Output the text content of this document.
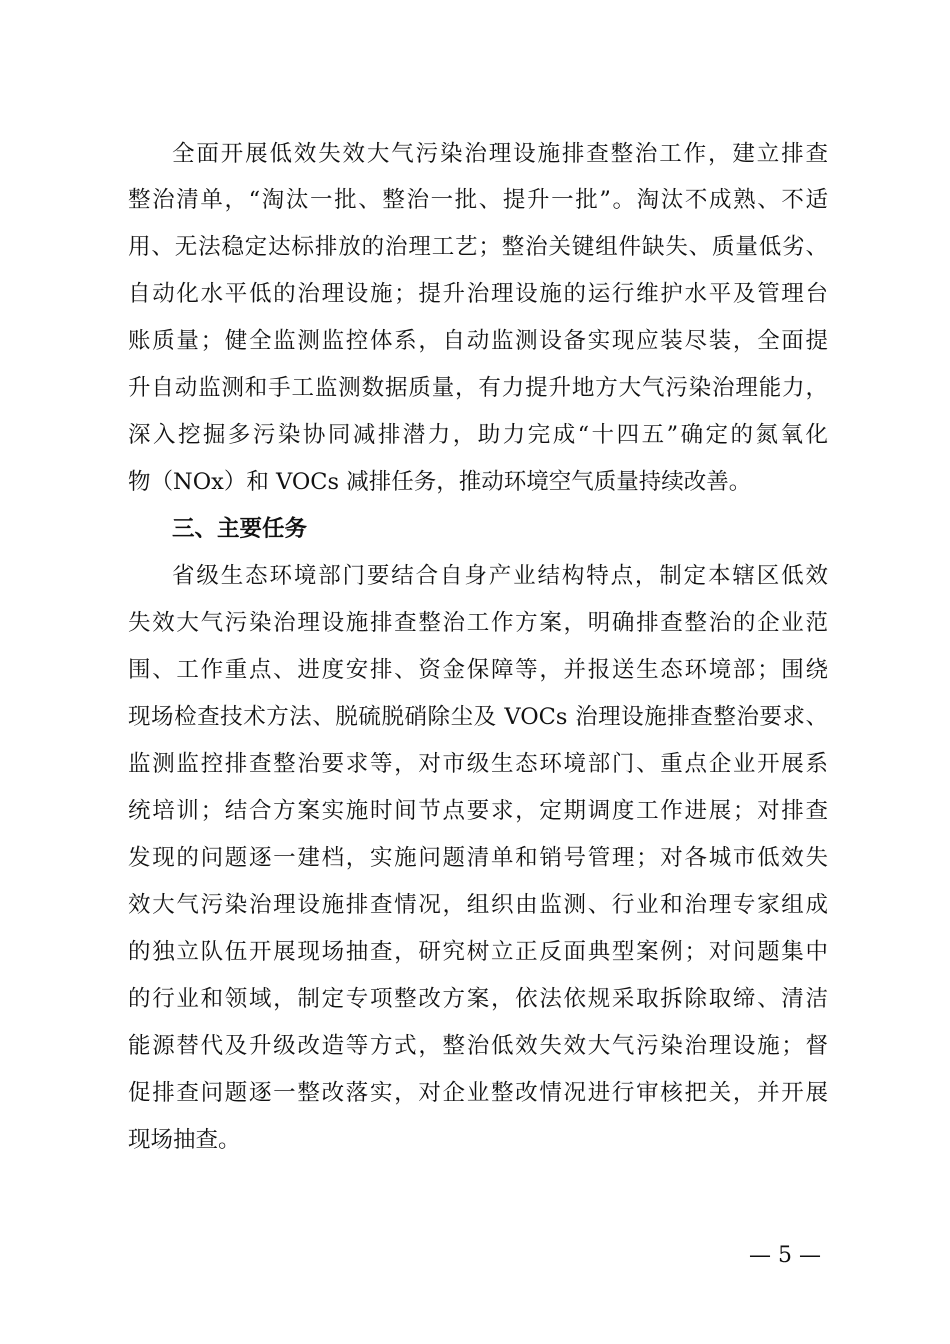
全面开展低效失效大气污染治理设施排查整治工作，建立排查
整治清单，“淘汰一批、整治一批、提升一批”。淘汰不成熟、不适
用、无法稳定达标排放的治理工艺；整治关键组件缺失、质量低劣、
自动化水平低的治理设施；提升治理设施的运行维护水平及管理台
账质量；健全监测监控体系，自动监测设备实现应装尽装，全面提
升自动监测和手工监测数据质量，有力提升地方大气污染治理能力，
深入挖掘多污染协同减排潜力，助力完成“十四五”确定的氮氧化
物（NOx）和 VOCs 减排任务，推动环境空气质量持续改善。
三、主要任务
省级生态环境部门要结合自身产业结构特点，制定本辖区低效
失效大气污染治理设施排查整治工作方案，明确排查整治的企业范
围、工作重点、进度安排、资金保障等，并报送生态环境部；围绕
现场检查技术方法、脱硫脱硝除尘及 VOCs 治理设施排查整治要求、
监测监控排查整治要求等，对市级生态环境部门、重点企业开展系
统培训；结合方案实施时间节点要求，定期调度工作进展；对排查
发现的问题逐一建档，实施问题清单和销号管理；对各城市低效失
效大气污染治理设施排查情况，组织由监测、行业和治理专家组成
的独立队伍开展现场抽查，研究树立正反面典型案例；对问题集中
的行业和领域，制定专项整改方案，依法依规采取拆除取缔、清洁
能源替代及升级改造等方式，整治低效失效大气污染治理设施；督
促排查问题逐一整改落实，对企业整改情况进行审核把关，并开展
现场抽查。
— 5 —
